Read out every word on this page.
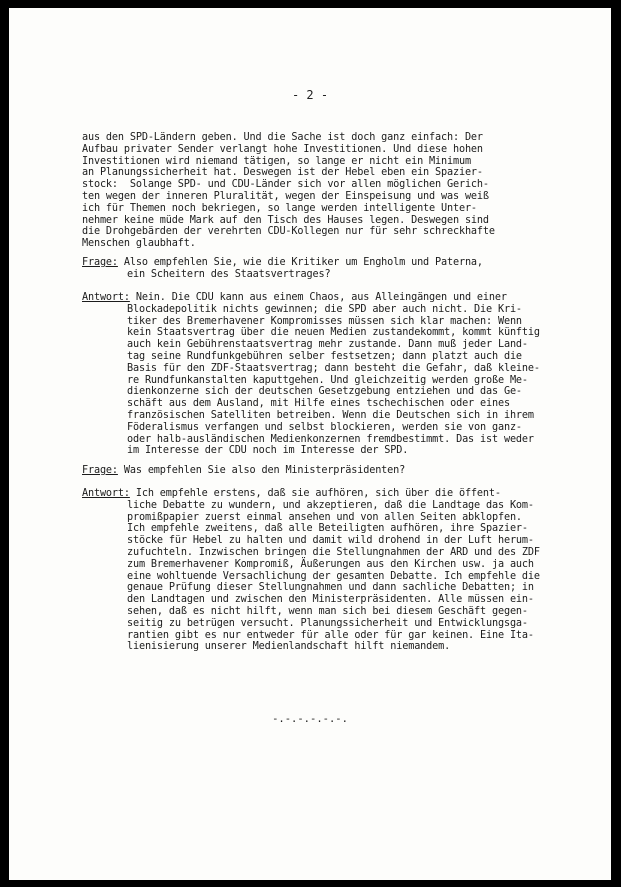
- 2 -
aus den SPD-Ländern geben. Und die Sache ist doch ganz einfach: Der
Aufbau privater Sender verlangt hohe Investitionen. Und diese hohen
Investitionen wird niemand tätigen, so lange er nicht ein Minimum
an Planungssicherheit hat. Deswegen ist der Hebel eben ein Spazier-
stock:  Solange SPD- und CDU-Länder sich vor allen möglichen Gerich-
ten wegen der inneren Pluralität, wegen der Einspeisung und was weiß
ich für Themen noch bekriegen, so lange werden intelligente Unter-
nehmer keine müde Mark auf den Tisch des Hauses legen. Deswegen sind
die Drohgebärden der verehrten CDU-Kollegen nur für sehr schreckhafte
Menschen glaubhaft.
Frage: Also empfehlen Sie, wie die Kritiker um Engholm und Paterna,
ein Scheitern des Staatsvertrages?
Antwort: Nein. Die CDU kann aus einem Chaos, aus Alleingängen und einer
Blockadepolitik nichts gewinnen; die SPD aber auch nicht. Die Kri-
tiker des Bremerhavener Kompromisses müssen sich klar machen: Wenn
kein Staatsvertrag über die neuen Medien zustandekommt, kommt künftig
auch kein Gebührenstaatsvertrag mehr zustande. Dann muß jeder Land-
tag seine Rundfunkgebühren selber festsetzen; dann platzt auch die
Basis für den ZDF-Staatsvertrag; dann besteht die Gefahr, daß kleine-
re Rundfunkanstalten kaputtgehen. Und gleichzeitig werden große Me-
dienkonzerne sich der deutschen Gesetzgebung entziehen und das Ge-
schäft aus dem Ausland, mit Hilfe eines tschechischen oder eines
französischen Satelliten betreiben. Wenn die Deutschen sich in ihrem
Föderalismus verfangen und selbst blockieren, werden sie von ganz-
oder halb-ausländischen Medienkonzernen fremdbestimmt. Das ist weder
im Interesse der CDU noch im Interesse der SPD.
Frage: Was empfehlen Sie also den Ministerpräsidenten?
Antwort: Ich empfehle erstens, daß sie aufhören, sich über die öffent-
liche Debatte zu wundern, und akzeptieren, daß die Landtage das Kom-
promißpapier zuerst einmal ansehen und von allen Seiten abklopfen.
Ich empfehle zweitens, daß alle Beteiligten aufhören, ihre Spazier-
stöcke für Hebel zu halten und damit wild drohend in der Luft herum-
zufuchteln. Inzwischen bringen die Stellungnahmen der ARD und des ZDF
zum Bremerhavener Kompromiß, Äußerungen aus den Kirchen usw. ja auch
eine wohltuende Versachlichung der gesamten Debatte. Ich empfehle die
genaue Prüfung dieser Stellungnahmen und dann sachliche Debatten; in
den Landtagen und zwischen den Ministerpräsidenten. Alle müssen ein-
sehen, daß es nicht hilft, wenn man sich bei diesem Geschäft gegen-
seitig zu betrügen versucht. Planungssicherheit und Entwicklungsga-
rantien gibt es nur entweder für alle oder für gar keinen. Eine Ita-
lienisierung unserer Medienlandschaft hilft niemandem.
-.-.-.-.-.-.
